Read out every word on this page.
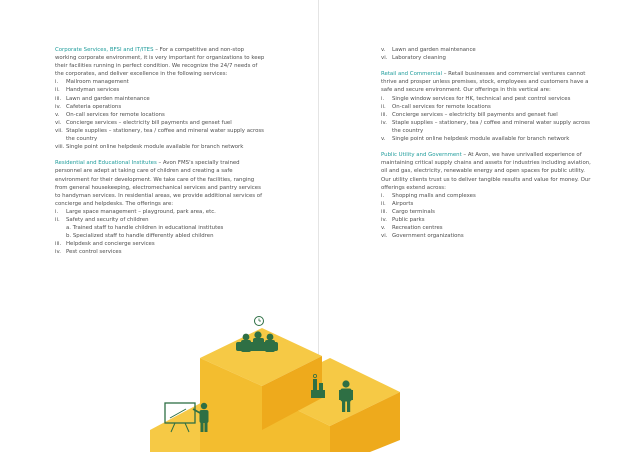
Corporate Services, BFSI and IT/ITES – For a competitive and non-stop working corporate environment, it is very important for organizations to keep their facilities running in perfect condition. We recognize the 24/7 needs of the corporates, and deliver excellence in the following services:

i.	Mailroom management
ii.	Handyman services
iii. Lawn and garden maintenance
iv. Cafeteria operations
v.	On-call services for remote locations
vi. Concierge services – electricity bill payments and genset fuel
vii. Staple supplies – stationery, tea / coffee and mineral water supply across the country
viii. Single point online helpdesk module available for branch network

Residential and Educational Institutes – Avon FMS's specially trained personnel are adept at taking care of children and creating a safe environment for their development. We take care of the facilities, ranging from general housekeeping, electromechanical services and pantry services to handyman services. In residential areas, we provide additional services of concierge and helpdesks. The offerings are:

i.	Large space management – playground, park area, etc.
ii.	Safety and security of children
a. Trained staff to handle children in educational institutes
b. Specialized staff to handle differently abled children
iii. Helpdesk and concierge services
iv. Pest control services
v.	Lawn and garden maintenance
vi. Laboratory cleaning

Retail and Commercial – Retail businesses and commercial ventures cannot thrive and prosper unless premises, stock, employees and customers have a safe and secure environment. Our offerings in this vertical are:

i.	Single window services for HK, technical and pest control services
ii.	On-call services for remote locations
iii. Concierge services – electricity bill payments and genset fuel
iv. Staple supplies – stationery, tea / coffee and mineral water supply across the country
v.	Single point online helpdesk module available for branch network

Public Utility and Government – At Avon, we have unrivalled experience of maintaining critical supply chains and assets for industries including aviation, oil and gas, electricity, renewable energy and open spaces for public utility. Our utility clients trust us to deliver tangible results and value for money. Our offerings extend across:

i.	Shopping malls and complexes
ii.	Airports
iii. Cargo terminals
iv. Public parks
v.	Recreation centres
vi. Government organizations
